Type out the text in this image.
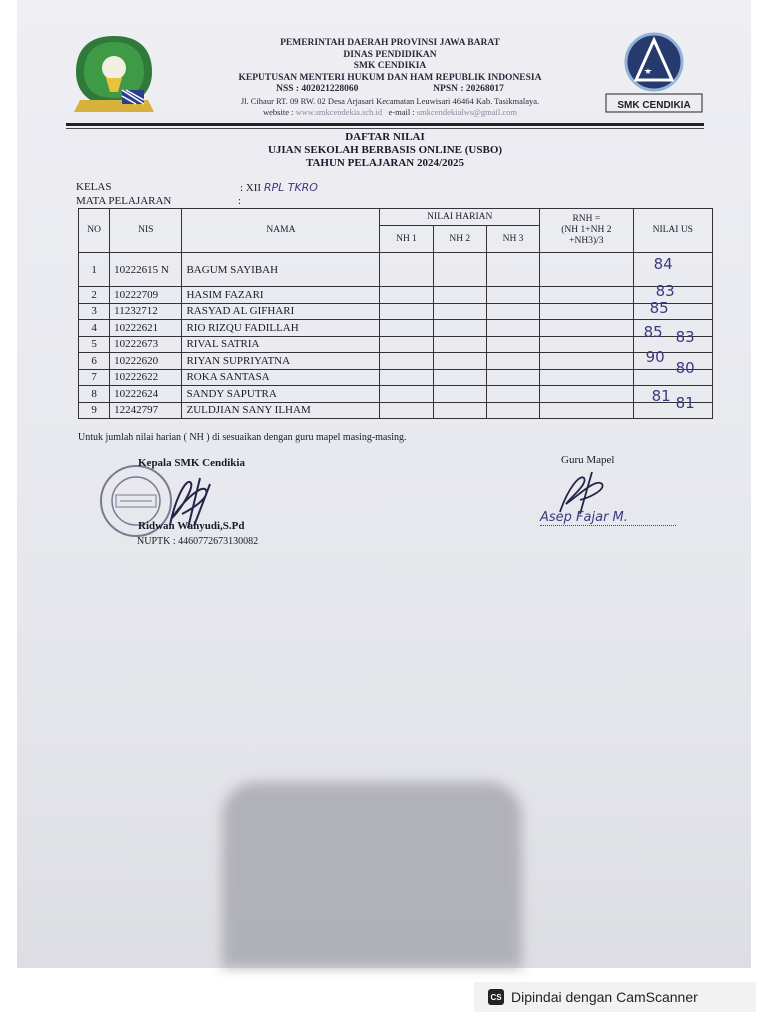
SMK CENDIKIA
PEMERINTAH DAERAH PROVINSI JAWA BARAT
DINAS PENDIDIKAN
SMK CENDIKIA
KEPUTUSAN MENTERI HUKUM DAN HAM REPUBLIK INDONESIA
NSS : 402021228060	NPSN : 20268017
Jl. Cihaur RT. 09 RW. 02 Desa Arjasari Kecamatan Leuwisari 46464 Kab. Tasikmalaya.
website : www.smkcendekia.sch.id e-mail : smkcendekialws@gmail.com
DAFTAR NILAI
UJIAN SEKOLAH BERBASIS ONLINE (USBO)
TAHUN PELAJARAN 2024/2025
KELAS	: XII RPL TKRO
MATA PELAJARAN	:
NO	NIS	NAMA	NILAI HARIAN			RNH =
(NH 1+NH 2
+NH3)/3	NILAI US
			NH 1	NH 2	NH 3		
1	10222615 N	BAGUM SAYIBAH					84

2	10222709	HASIM FAZARI					83

3	11232712	RASYAD AL GIFHARI					85

4	10222621	RIO RIZQU FADILLAH					85

5	10222673	RIVAL SATRIA					83

6	10222620	RIYAN SUPRIYATNA					90

7	10222622	ROKA SANTASA					80

8	10222624	SANDY SAPUTRA					81

9	12242797	ZULDJIAN SANY ILHAM					81
Untuk jumlah nilai harian ( NH ) di sesuaikan dengan guru mapel masing-masing.
Kepala SMK Cendikia
Ridwan Wahyudi,S.Pd
NUPTK : 4460772673130082
Guru Mapel
Asep Fajar M.
CS Dipindai dengan CamScanner
